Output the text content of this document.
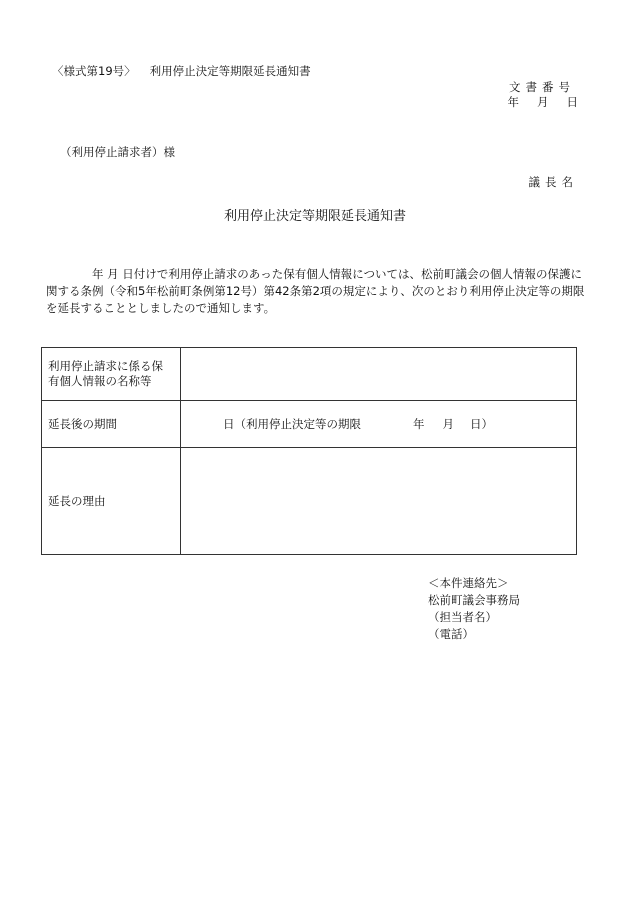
〈様式第19号〉 利用停止決定等期限延長通知書
文書番号
年 月 日
（利用停止請求者）様
議長名
利用停止決定等期限延長通知書
年 月 日付けで利用停止請求のあった保有個人情報については、松前町議会の個人情報の保護に関する条例（令和5年松前町条例第12号）第42条第2項の規定により、次のとおり利用停止決定等の期限を延長することとしましたので通知します。
利用停止請求に係る保有個人情報の名称等	
延長後の期間	日（利用停止決定等の期限 年 月 日）
延長の理由	
＜本件連絡先＞
松前町議会事務局
（担当者名）
（電話）
